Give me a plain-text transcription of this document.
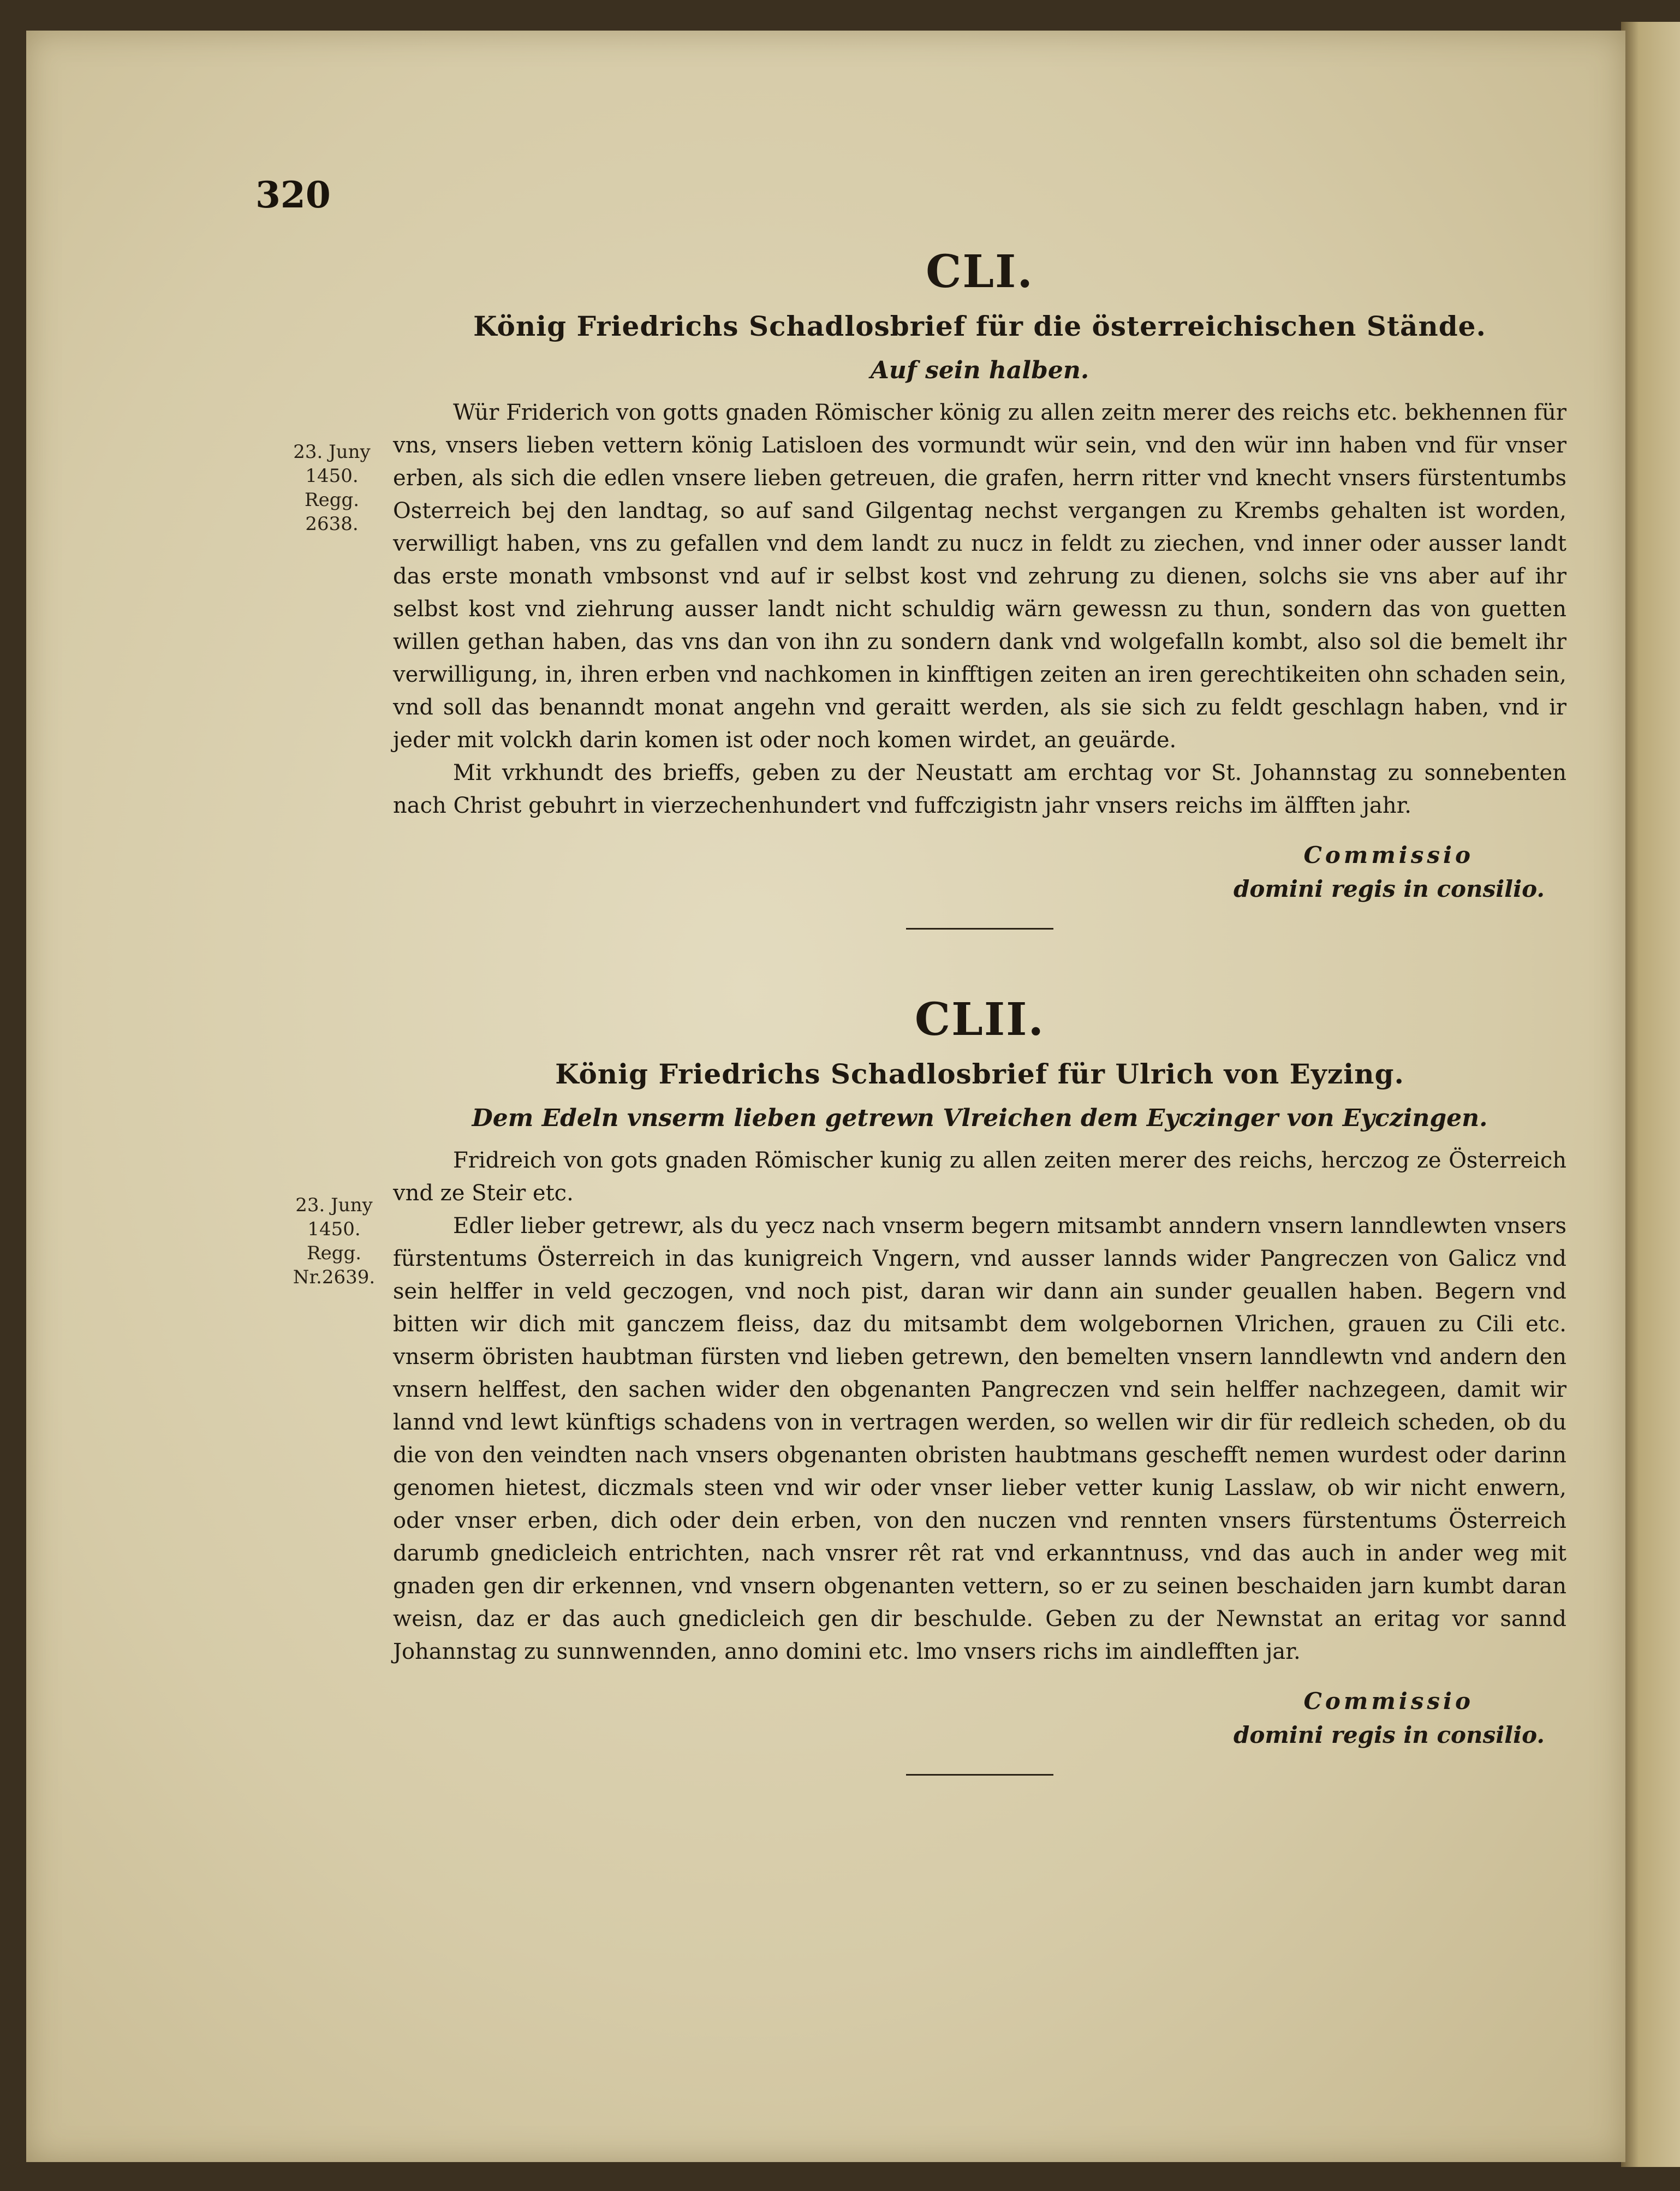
320

23. Juny
1450.
Regg. 2638.
CLI.
König Friedrichs Schadlosbrief für die österreichischen Stände.

Auf sein halben.

Wür Friderich von gotts gnaden Römischer könig zu allen zeitn merer des reichs etc. bekhennen für vns, vnsers lieben vettern könig Latisloen des vormundt wür sein, vnd den wür inn haben vnd für vnser erben, als sich die edlen vnsere lieben getreuen, die grafen, herrn ritter vnd knecht vnsers fürstentumbs Osterreich bej den landtag, so auf sand Gilgentag nechst vergangen zu Krembs gehalten ist worden, verwilligt haben, vns zu gefallen vnd dem landt zu nucz in feldt zu ziechen, vnd inner oder ausser landt das erste monath vmbsonst vnd auf ir selbst kost vnd zehrung zu dienen, solchs sie vns aber auf ihr selbst kost vnd ziehrung ausser landt nicht schuldig wärn gewessn zu thun, sondern das von guetten willen gethan haben, das vns dan von ihn zu sondern dank vnd wolgefalln kombt, also sol die bemelt ihr verwilligung, in, ihren erben vnd nachkomen in kinfftigen zeiten an iren gerechtikeiten ohn schaden sein, vnd soll das benanndt monat angehn vnd geraitt werden, als sie sich zu feldt geschlagn haben, vnd ir jeder mit volckh darin komen ist oder noch komen wirdet, an geuärde.

Mit vrkhundt des brieffs, geben zu der Neustatt am erchtag vor St. Johannstag zu sonnebenten nach Christ gebuhrt in vierzechenhundert vnd fuffczigistn jahr vnsers reichs im älfften jahr.

Commissio
domini regis in consilio.
23. Juny
1450.
Regg. Nr.2639.
CLII.
König Friedrichs Schadlosbrief für Ulrich von Eyzing.

Dem Edeln vnserm lieben getrewn Vlreichen dem Eyczinger von Eyczingen.

Fridreich von gots gnaden Römischer kunig zu allen zeiten merer des reichs, herczog ze Österreich vnd ze Steir etc.

Edler lieber getrewr, als du yecz nach vnserm begern mitsambt anndern vnsern lanndlewten vnsers fürstentums Österreich in das kunigreich Vngern, vnd ausser lannds wider Pangreczen von Galicz vnd sein helffer in veld geczogen, vnd noch pist, daran wir dann ain sunder geuallen haben. Begern vnd bitten wir dich mit ganczem fleiss, daz du mitsambt dem wolgebornen Vlrichen, grauen zu Cili etc. vnserm öbristen haubtman fürsten vnd lieben getrewn, den bemelten vnsern lanndlewtn vnd andern den vnsern helffest, den sachen wider den obgenanten Pangreczen vnd sein helffer nachzegeen, damit wir lannd vnd lewt künftigs schadens von in vertragen werden, so wellen wir dir für redleich scheden, ob du die von den veindten nach vnsers obgenanten obristen haubtmans geschefft nemen wurdest oder darinn genomen hietest, diczmals steen vnd wir oder vnser lieber vetter kunig Lasslaw, ob wir nicht enwern, oder vnser erben, dich oder dein erben, von den nuczen vnd rennten vnsers fürstentums Österreich darumb gnedicleich entrichten, nach vnsrer rêt rat vnd erkanntnuss, vnd das auch in ander weg mit gnaden gen dir erkennen, vnd vnsern obgenanten vettern, so er zu seinen beschaiden jarn kumbt daran weisn, daz er das auch gnedicleich gen dir beschulde. Geben zu der Newnstat an eritag vor sannd Johannstag zu sunnwennden, anno domini etc. lmo vnsers richs im aindlefften jar.

Commissio
domini regis in consilio.
